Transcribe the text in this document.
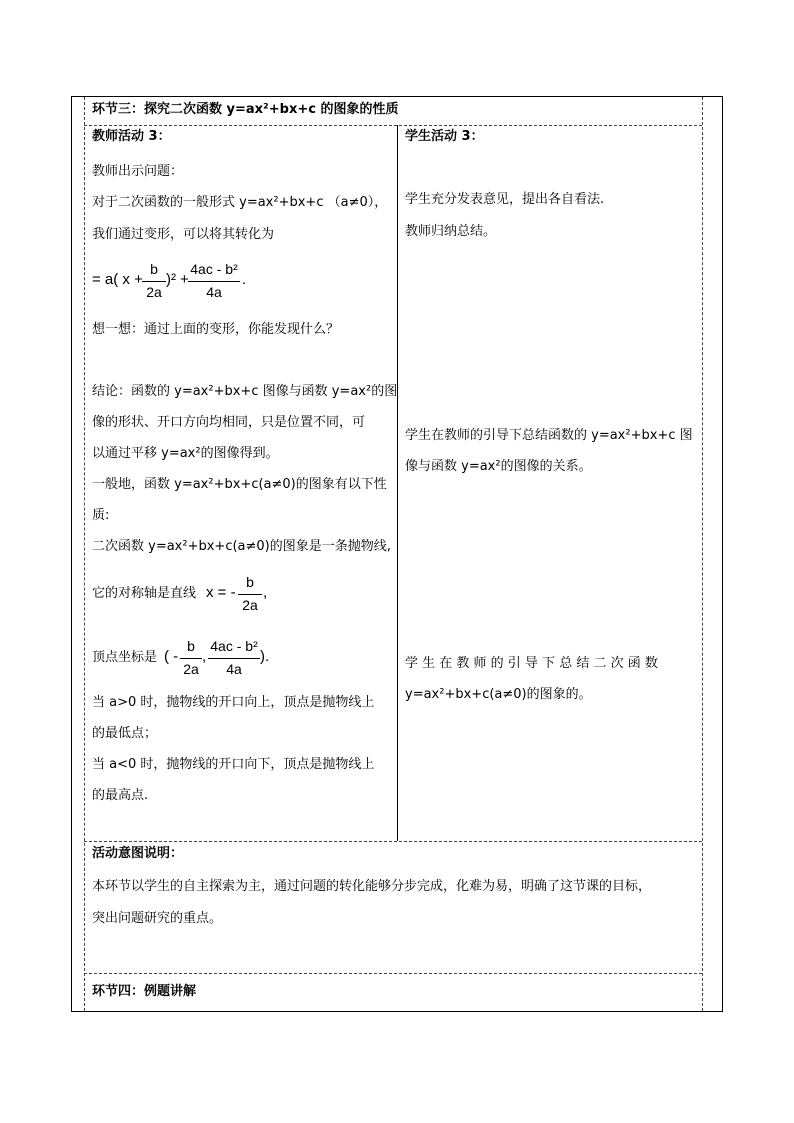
环节三：探究二次函数 y=ax²+bx+c 的图象的性质
教师活动 3：
教师出示问题：
对于二次函数的一般形式 y=ax²+bx+c （a≠0），
我们通过变形，可以将其转化为
= a( x +
b
2a
)² +
4ac - b²
4a
.
想一想：通过上面的变形，你能发现什么？
结论：函数的 y=ax²+bx+c 图像与函数 y=ax²的图
像的形状、开口方向均相同，只是位置不同，可
以通过平移 y=ax²的图像得到。
一般地，函数 y=ax²+bx+c(a≠0)的图象有以下性
质:
二次函数 y=ax²+bx+c(a≠0)的图象是一条抛物线,
它的对称轴是直线 x = -
b
2a
,
顶点坐标是 ( -
b
2a
,
4ac - b²
4a
).
当 a>0 时，抛物线的开口向上，顶点是抛物线上
的最低点；
当 a<0 时，抛物线的开口向下，顶点是抛物线上
的最高点.
学生活动 3：
学生充分发表意见，提出各自看法.
教师归纳总结。
学生在教师的引导下总结函数的 y=ax²+bx+c 图
像与函数 y=ax²的图像的关系。
学 生 在 教 师 的 引 导 下 总 结 二 次 函 数
y=ax²+bx+c(a≠0)的图象的。
活动意图说明：
本环节以学生的自主探索为主，通过问题的转化能够分步完成，化难为易，明确了这节课的目标，
突出问题研究的重点。
环节四：例题讲解
